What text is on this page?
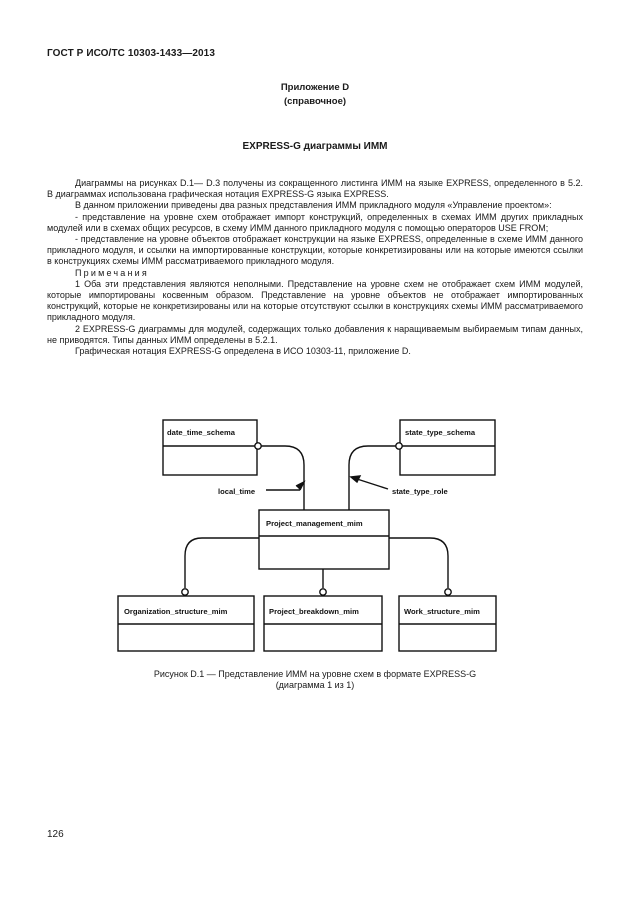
ГОСТ Р ИСО/ТС 10303-1433—2013
Приложение D
(справочное)
EXPRESS-G диаграммы ИММ

Диаграммы на рисунках D.1— D.3 получены из сокращенного листинга ИММ на языке EXPRESS, определенного в 5.2. В диаграммах использована графическая нотация EXPRESS-G языка EXPRESS.

В данном приложении приведены два разных представления ИММ прикладного модуля «Управление проектом»:

- представление на уровне схем отображает импорт конструкций, определенных в схемах ИММ других прикладных модулей или в схемах общих ресурсов, в схему ИММ данного прикладного модуля с помощью операторов USE FROM;

- представление на уровне объектов отображает конструкции на языке EXPRESS, определенные в схеме ИММ данного прикладного модуля, и ссылки на импортированные конструкции, которые конкретизированы или на которые имеются ссылки в конструкциях схемы ИММ рассматриваемого прикладного модуля.

Примечания

1 Оба эти представления являются неполными. Представление на уровне схем не отображает схем ИММ модулей, которые импортированы косвенным образом. Представление на уровне объектов не отображает импортированных конструкций, которые не конкретизированы или на которые отсутствуют ссылки в конструкциях схемы ИММ рассматриваемого прикладного модуля.

2 EXPRESS-G диаграммы для модулей, содержащих только добавления к наращиваемым выбираемым типам данных, не приводятся. Типы данных ИММ определены в 5.2.1.

Графическая нотация EXPRESS-G определена в ИСО 10303-11, приложение D.

date_time_schema	state_type_schema
Project_management_mim
Organization_structure_mim	Project_breakdown_mim	Work_structure_mim
local_time	state_type_role
Рисунок D.1 — Представление ИММ на уровне схем в формате EXPRESS-G
(диаграмма 1 из 1)
126
